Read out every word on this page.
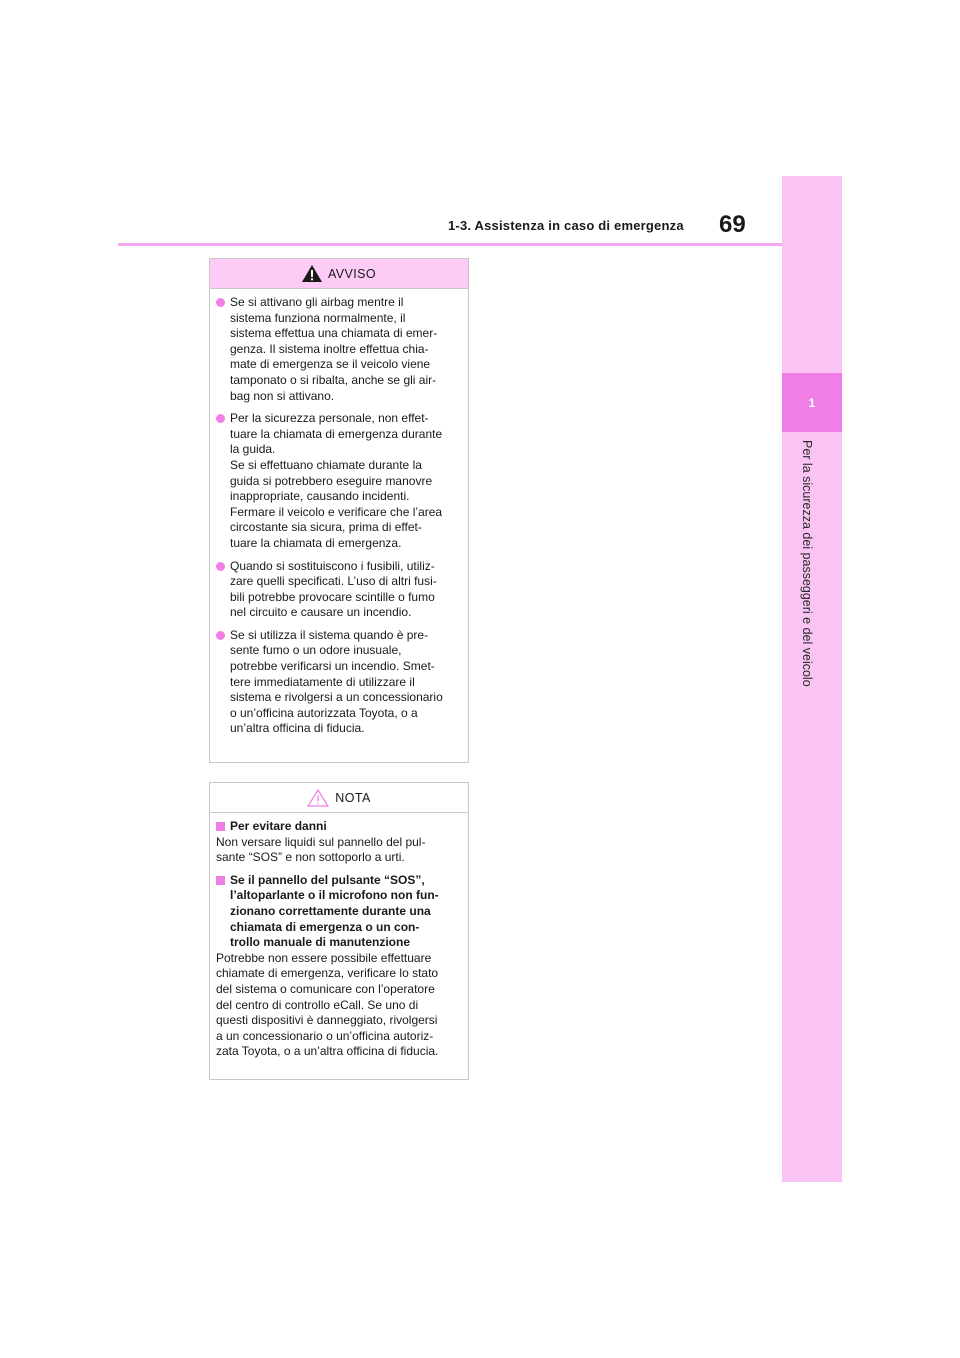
1-3. Assistenza in caso di emergenza 69
1
Per la sicurezza dei passeggeri e del veicolo
AVVISO
Se si attivano gli airbag mentre il
sistema funziona normalmente, il
sistema effettua una chiamata di emer-
genza. Il sistema inoltre effettua chia-
mate di emergenza se il veicolo viene
tamponato o si ribalta, anche se gli air-
bag non si attivano.
Per la sicurezza personale, non effet-
tuare la chiamata di emergenza durante
la guida.
Se si effettuano chiamate durante la
guida si potrebbero eseguire manovre
inappropriate, causando incidenti.
Fermare il veicolo e verificare che l’area
circostante sia sicura, prima di effet-
tuare la chiamata di emergenza.
Quando si sostituiscono i fusibili, utiliz-
zare quelli specificati. L’uso di altri fusi-
bili potrebbe provocare scintille o fumo
nel circuito e causare un incendio.
Se si utilizza il sistema quando è pre-
sente fumo o un odore inusuale,
potrebbe verificarsi un incendio. Smet-
tere immediatamente di utilizzare il
sistema e rivolgersi a un concessionario
o un’officina autorizzata Toyota, o a
un’altra officina di fiducia.
NOTA
Per evitare danni
Non versare liquidi sul pannello del pul-
sante “SOS” e non sottoporlo a urti.
Se il pannello del pulsante “SOS”,
l’altoparlante o il microfono non fun-
zionano correttamente durante una
chiamata di emergenza o un con-
trollo manuale di manutenzione
Potrebbe non essere possibile effettuare
chiamate di emergenza, verificare lo stato
del sistema o comunicare con l’operatore
del centro di controllo eCall. Se uno di
questi dispositivi è danneggiato, rivolgersi
a un concessionario o un’officina autoriz-
zata Toyota, o a un’altra officina di fiducia.
